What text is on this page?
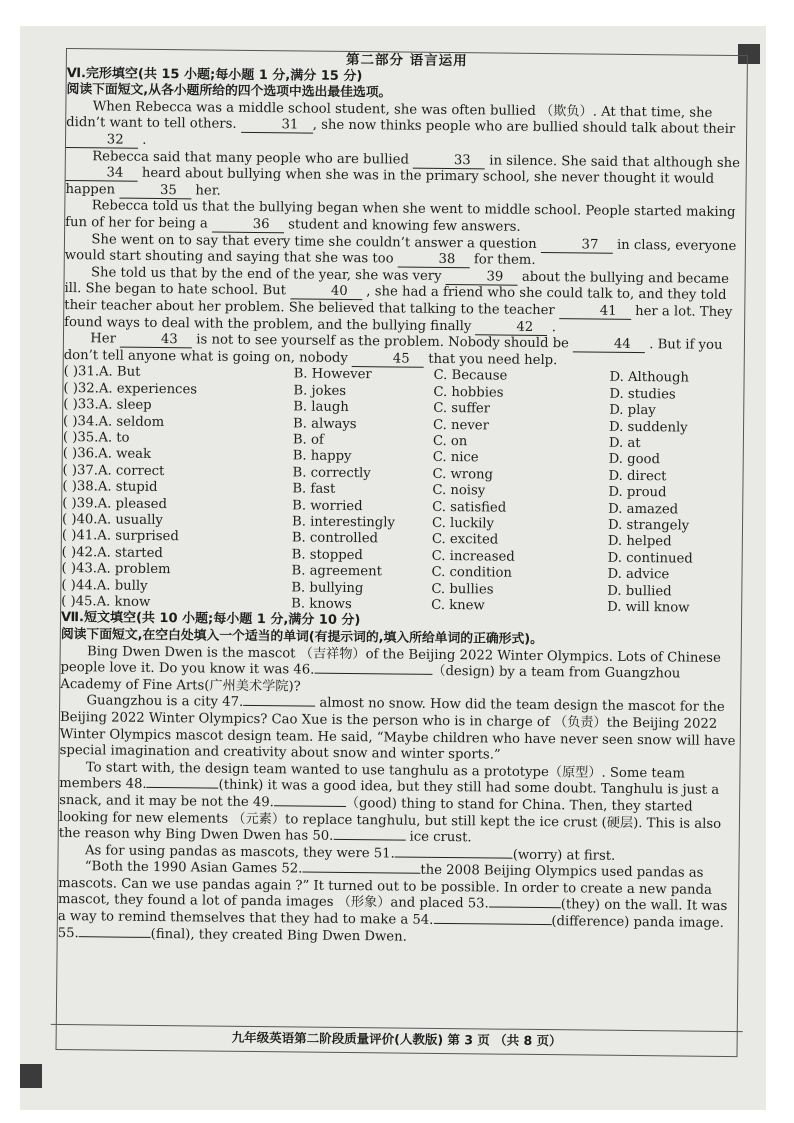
第二部分 语言运用

Ⅵ.完形填空(共 15 小题;每小题 1 分,满分 15 分)

阅读下面短文,从各小题所给的四个选项中选出最佳选项。

When Rebecca was a middle school student, she was often bullied （欺负）. At that time, she didn’t want to tell others.	31 , she now thinks people who are bullied should talk about their 32 .

Rebecca said that many people who are bullied	33 in silence. She said that although she 34 heard about bullying when she was in the primary school, she never thought it would happen	35 her.

Rebecca told us that the bullying began when she went to middle school. People started making fun of her for being a	36 student and knowing few answers.

She went on to say that every time she couldn’t answer a question	37 in class, everyone would start shouting and saying that she was too	38 for them.

She told us that by the end of the year, she was very	39 about the bullying and became ill. She began to hate school. But	40 , she had a friend who she could talk to, and they told their teacher about her problem. She believed that talking to the teacher	41 her a lot. They found ways to deal with the problem, and the bullying finally	42 .

Her	43 is not to see yourself as the problem. Nobody should be	44 . But if you don’t tell anyone what is going on, nobody	45 that you need help.

( )31.A. But	B. However	C. Because	D. Although
( )32.A. experiences	B. jokes	C. hobbies	D. studies
( )33.A. sleep	B. laugh	C. suffer	D. play
( )34.A. seldom	B. always	C. never	D. suddenly
( )35.A. to	B. of	C. on	D. at
( )36.A. weak	B. happy	C. nice	D. good
( )37.A. correct	B. correctly	C. wrong	D. direct
( )38.A. stupid	B. fast	C. noisy	D. proud
( )39.A. pleased	B. worried	C. satisfied	D. amazed
( )40.A. usually	B. interestingly	C. luckily	D. strangely
( )41.A. surprised	B. controlled	C. excited	D. helped
( )42.A. started	B. stopped	C. increased	D. continued
( )43.A. problem	B. agreement	C. condition	D. advice
( )44.A. bully	B. bullying	C. bullies	D. bullied
( )45.A. know	B. knows	C. knew	D. will know

Ⅶ.短文填空(共 10 小题;每小题 1 分,满分 10 分)

阅读下面短文,在空白处填入一个适当的单词(有提示词的,填入所给单词的正确形式)。

Bing Dwen Dwen is the mascot （吉祥物）of the Beijing 2022 Winter Olympics. Lots of Chinese people love it. Do you know it was 46.	（design) by a team from Guangzhou Academy of Fine Arts(广州美术学院)?

Guangzhou is a city 47.	almost no snow. How did the team design the mascot for the Beijing 2022 Winter Olympics? Cao Xue is the person who is in charge of （负责）the Beijing 2022 Winter Olympics mascot design team. He said, “Maybe children who have never seen snow will have special imagination and creativity about snow and winter sports.”

To start with, the design team wanted to use tanghulu as a prototype（原型）. Some team members 48.	(think) it was a good idea, but they still had some doubt. Tanghulu is just a snack, and it may be not the 49.	（good) thing to stand for China. Then, they started looking for new elements （元素）to replace tanghulu, but still kept the ice crust (硬层). This is also the reason why Bing Dwen Dwen has 50.	ice crust.

As for using pandas as mascots, they were 51.	(worry) at first.

“Both the 1990 Asian Games 52.	the 2008 Beijing Olympics used pandas as mascots. Can we use pandas again ?” It turned out to be possible. In order to create a new panda mascot, they found a lot of panda images （形象）and placed 53.	(they) on the wall. It was a way to remind themselves that they had to make a 54.	(difference) panda image. 55.	(final), they created Bing Dwen Dwen.

九年级英语第二阶段质量评价(人教版) 第 3 页 （共 8 页）
